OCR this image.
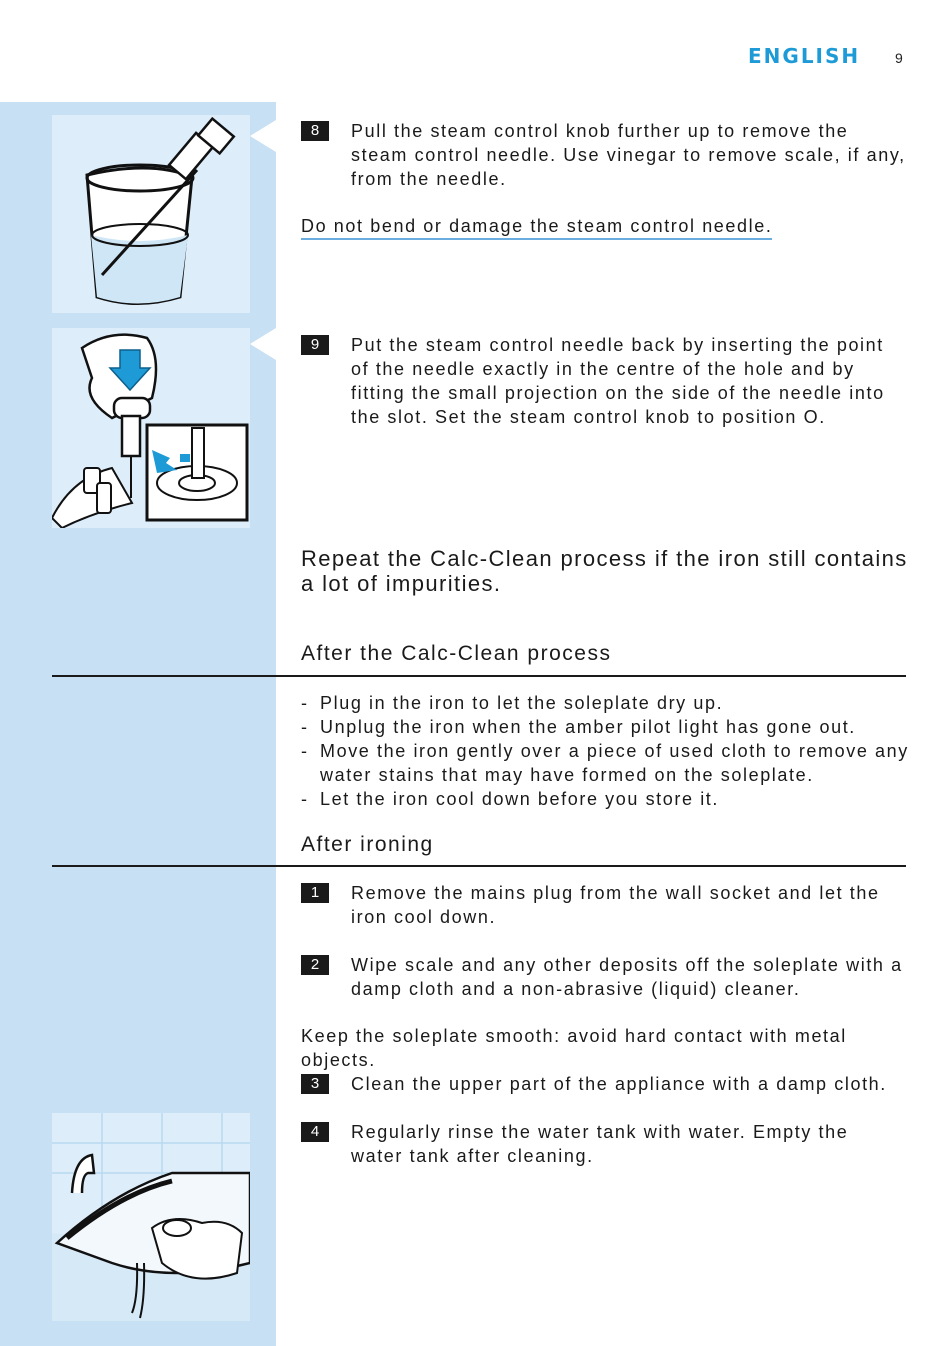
ENGLISH 9
8	Pull the steam control knob further up to remove the steam control needle. Use vinegar to remove scale, if any, from the needle.
Do not bend or damage the steam control needle.
9	Put the steam control needle back by inserting the point of the needle exactly in the centre of the hole and by fitting the small projection on the side of the needle into the slot. Set the steam control knob to position O.
Repeat the Calc-Clean process if the iron still contains a lot of impurities.
After the Calc-Clean process
- Plug in the iron to let the soleplate dry up.
- Unplug the iron when the amber pilot light has gone out.
- Move the iron gently over a piece of used cloth to remove any water stains that may have formed on the soleplate.
- Let the iron cool down before you store it.
After ironing
1	Remove the mains plug from the wall socket and let the iron cool down.
2	Wipe scale and any other deposits off the soleplate with a damp cloth and a non-abrasive (liquid) cleaner.
Keep the soleplate smooth: avoid hard contact with metal objects.
3	Clean the upper part of the appliance with a damp cloth.
4	Regularly rinse the water tank with water. Empty the water tank after cleaning.
